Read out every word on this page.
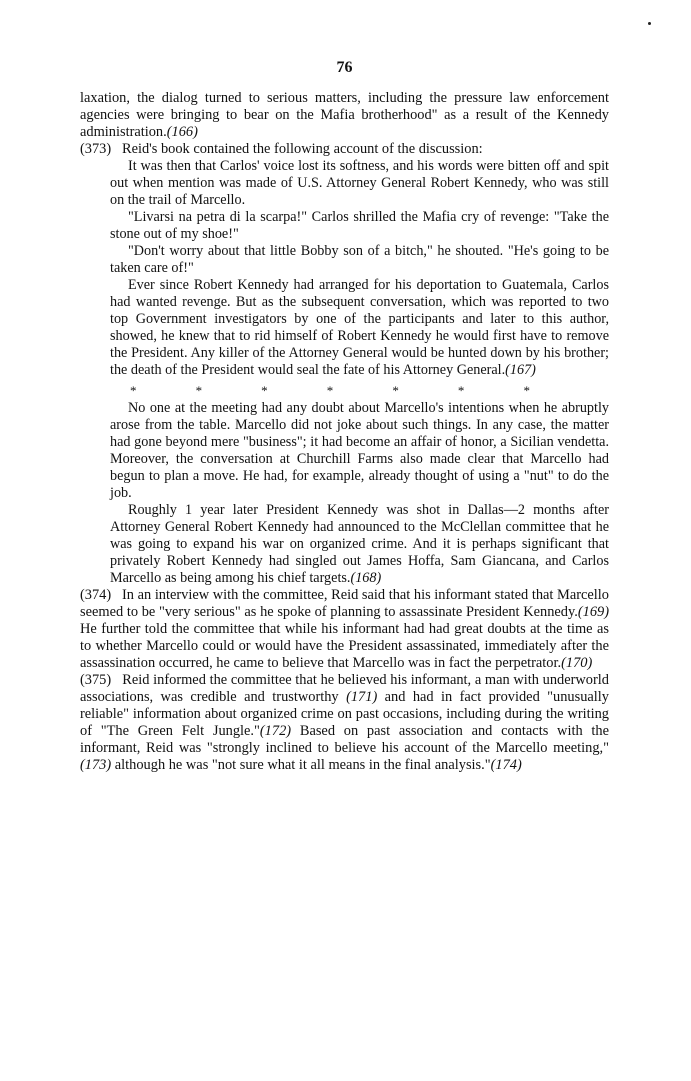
76

laxation, the dialog turned to serious matters, including the pressure law enforcement agencies were bringing to bear on the Mafia brotherhood" as a result of the Kennedy administration.(166)

(373) Reid's book contained the following account of the discussion:

It was then that Carlos' voice lost its softness, and his words were bitten off and spit out when mention was made of U.S. Attorney General Robert Kennedy, who was still on the trail of Marcello.

"Livarsi na petra di la scarpa!" Carlos shrilled the Mafia cry of revenge: "Take the stone out of my shoe!"

"Don't worry about that little Bobby son of a bitch," he shouted. "He's going to be taken care of!"

Ever since Robert Kennedy had arranged for his deportation to Guatemala, Carlos had wanted revenge. But as the subsequent conversation, which was reported to two top Government investigators by one of the participants and later to this author, showed, he knew that to rid himself of Robert Kennedy he would first have to remove the President. Any killer of the Attorney General would be hunted down by his brother; the death of the President would seal the fate of his Attorney General.(167)

*	*	*	*	*	*	*

No one at the meeting had any doubt about Marcello's intentions when he abruptly arose from the table. Marcello did not joke about such things. In any case, the matter had gone beyond mere "business"; it had become an affair of honor, a Sicilian vendetta. Moreover, the conversation at Churchill Farms also made clear that Marcello had begun to plan a move. He had, for example, already thought of using a "nut" to do the job.

Roughly 1 year later President Kennedy was shot in Dallas—2 months after Attorney General Robert Kennedy had announced to the McClellan committee that he was going to expand his war on organized crime. And it is perhaps significant that privately Robert Kennedy had singled out James Hoffa, Sam Giancana, and Carlos Marcello as being among his chief targets.(168)

(374) In an interview with the committee, Reid said that his informant stated that Marcello seemed to be "very serious" as he spoke of planning to assassinate President Kennedy.(169) He further told the committee that while his informant had had great doubts at the time as to whether Marcello could or would have the President assassinated, immediately after the assassination occurred, he came to believe that Marcello was in fact the perpetrator.(170)

(375) Reid informed the committee that he believed his informant, a man with underworld associations, was credible and trustworthy (171) and had in fact provided "unusually reliable" information about organized crime on past occasions, including during the writing of "The Green Felt Jungle."(172) Based on past association and contacts with the informant, Reid was "strongly inclined to believe his account of the Marcello meeting,"(173) although he was "not sure what it all means in the final analysis."(174)
